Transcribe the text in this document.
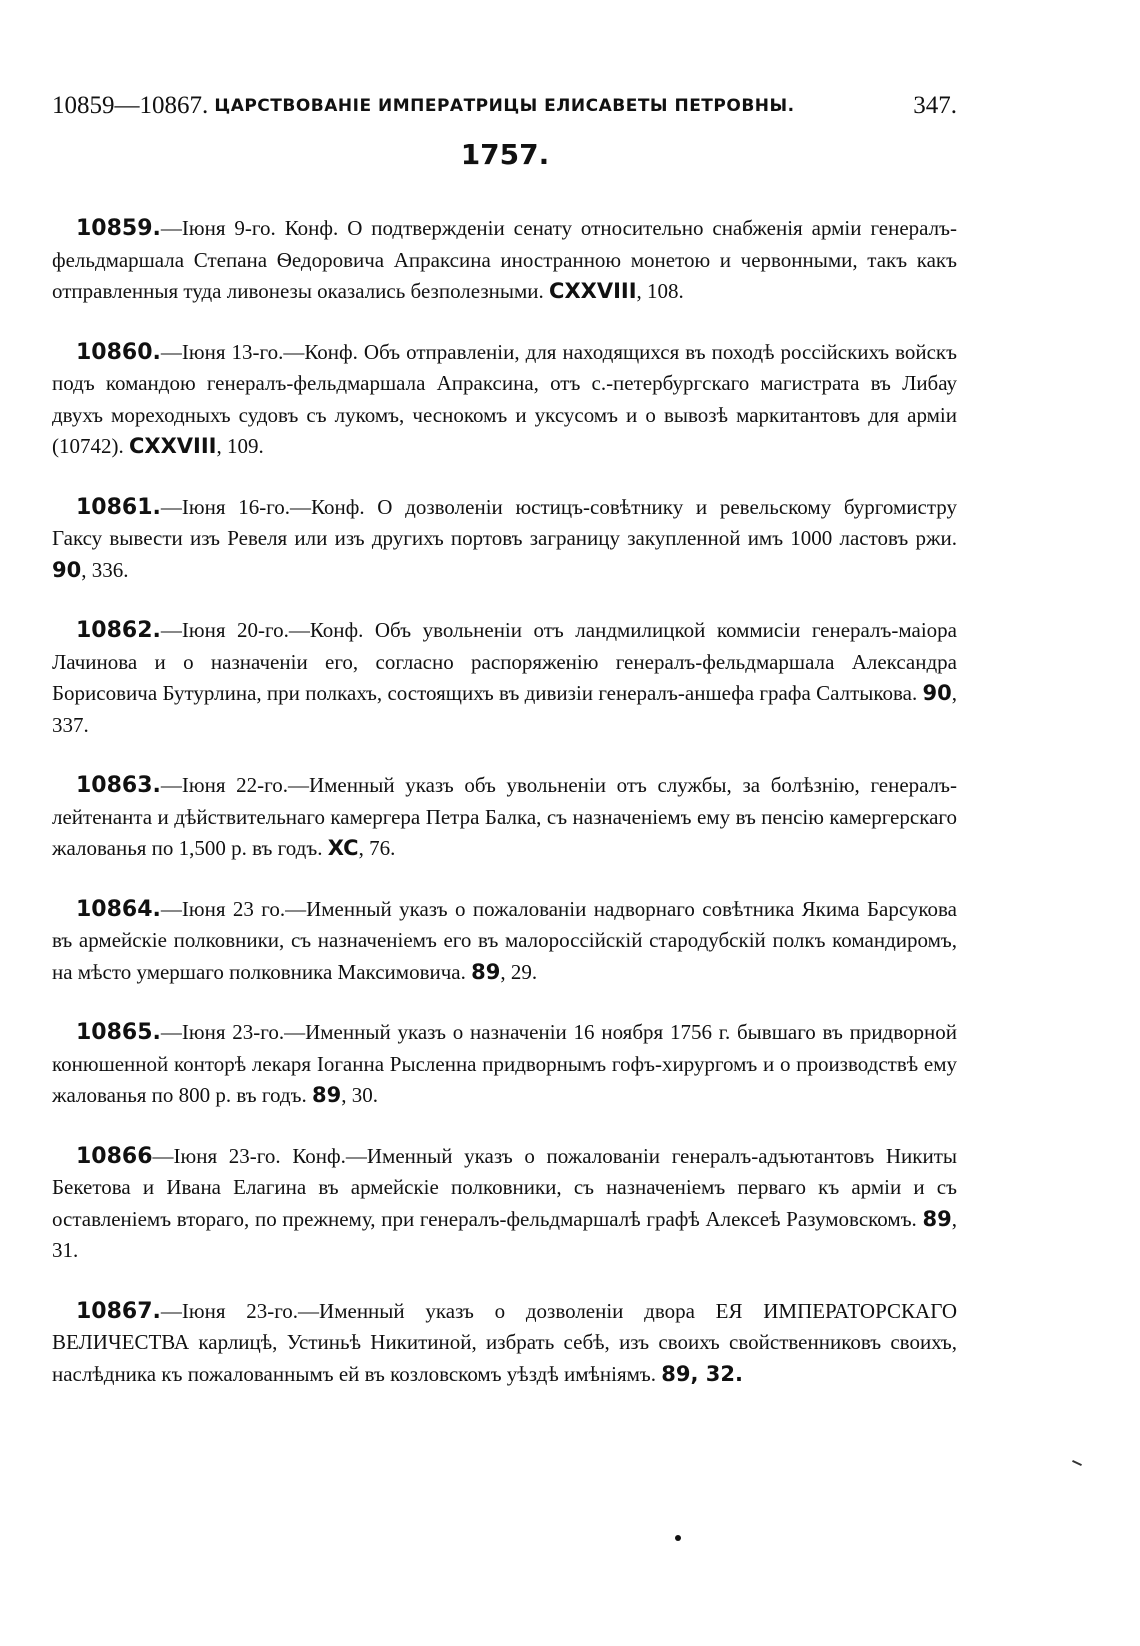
10859—10867. ЦАРСТВОВАНІЕ ИМПЕРАТРИЦЫ ЕЛИСАВЕТЫ ПЕТРОВНЫ.	347.
1757.

10859.—Іюня 9-го. Конф. О подтвержденіи сенату относительно снабженія арміи генералъ-фельдмаршала Степана Ѳедоровича Апраксина иностранною монетою и червонными, такъ какъ отправленныя туда ливонезы оказались безполезными. CXXVIII, 108.

10860.—Іюня 13-го.—Конф. Объ отправленіи, для находящихся въ походѣ россійскихъ войскъ подъ командою генералъ-фельдмаршала Апраксина, отъ с.-петербургскаго магистрата въ Либау двухъ мореходныхъ судовъ съ лукомъ, чеснокомъ и уксусомъ и о вывозѣ маркитантовъ для арміи (10742). CXXVIII, 109.

10861.—Іюня 16-го.—Конф. О дозволеніи юстицъ-совѣтнику и ревельскому бургомистру Гаксу вывести изъ Ревеля или изъ другихъ портовъ заграницу закупленной имъ 1000 ластовъ ржи. 90, 336.

10862.—Іюня 20-го.—Конф. Объ увольненіи отъ ландмилицкой коммисіи генералъ-маіора Лачинова и о назначеніи его, согласно распоряженію генералъ-фельдмаршала Александра Борисовича Бутурлина, при полкахъ, состоящихъ въ дивизіи генералъ-аншефа графа Салтыкова. 90, 337.

10863.—Іюня 22-го.—Именный указъ объ увольненіи отъ службы, за болѣзнію, генералъ-лейтенанта и дѣйствительнаго камергера Петра Балка, съ назначеніемъ ему въ пенсію камергерскаго жалованья по 1,500 р. въ годъ. XC, 76.

10864.—Іюня 23 го.—Именный указъ о пожалованіи надворнаго совѣтника Якима Барсукова въ армейскіе полковники, съ назначеніемъ его въ малороссійскій стародубскій полкъ командиромъ, на мѣсто умершаго полковника Максимовича. 89, 29.

10865.—Іюня 23-го.—Именный указъ о назначеніи 16 ноября 1756 г. бывшаго въ придворной конюшенной конторѣ лекаря Іоганна Рысленна придворнымъ гофъ-хирургомъ и о производствѣ ему жалованья по 800 р. въ годъ. 89, 30.

10866—Іюня 23-го. Конф.—Именный указъ о пожалованіи генералъ-адъютантовъ Никиты Бекетова и Ивана Елагина въ армейскіе полковники, съ назначеніемъ перваго къ арміи и съ оставленіемъ втораго, по прежнему, при генералъ-фельдмаршалѣ графѣ Алексеѣ Разумовскомъ. 89, 31.

10867.—Іюня 23-го.—Именный указъ о дозволеніи двора ЕЯ ИМПЕРАТОРСКАГО ВЕЛИЧЕСТВА карлицѣ, Устиньѣ Никитиной, избрать себѣ, изъ своихъ свойственниковъ своихъ, наслѣдника къ пожалованнымъ ей въ козловскомъ уѣздѣ имѣніямъ. 89, 32.
